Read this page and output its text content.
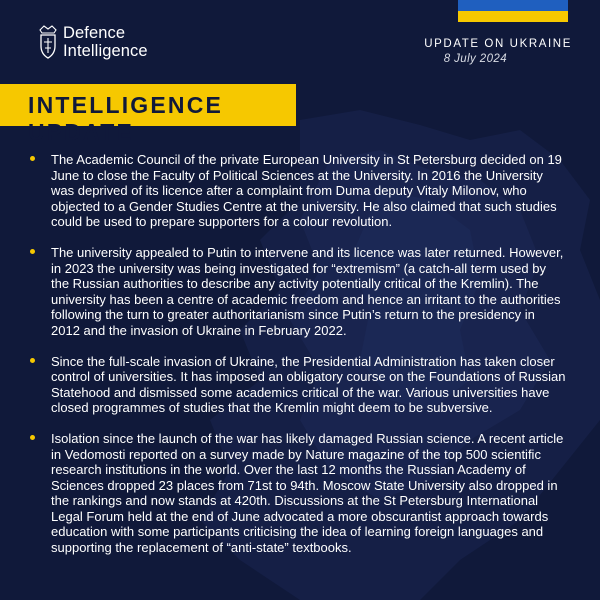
Defence
Intelligence	UPDATE ON UKRAINE
8 July 2024
INTELLIGENCE UPDATE
The Academic Council of the private European University in St Petersburg decided on 19 June to close the Faculty of Political Sciences at the University. In 2016 the University was deprived of its licence after a complaint from Duma deputy Vitaly Milonov, who objected to a Gender Studies Centre at the university. He also claimed that such studies could be used to prepare supporters for a colour revolution.
The university appealed to Putin to intervene and its licence was later returned. However, in 2023 the university was being investigated for “extremism” (a catch-all term used by the Russian authorities to describe any activity potentially critical of the Kremlin). The university has been a centre of academic freedom and hence an irritant to the authorities following the turn to greater authoritarianism since Putin’s return to the presidency in 2012 and the invasion of Ukraine in February 2022.
Since the full-scale invasion of Ukraine, the Presidential Administration has taken closer control of universities. It has imposed an obligatory course on the Foundations of Russian Statehood and dismissed some academics critical of the war. Various universities have closed programmes of studies that the Kremlin might deem to be subversive.
Isolation since the launch of the war has likely damaged Russian science. A recent article in Vedomosti reported on a survey made by Nature magazine of the top 500 scientific research institutions in the world. Over the last 12 months the Russian Academy of Sciences dropped 23 places from 71st to 94th. Moscow State University also dropped in the rankings and now stands at 420th. Discussions at the St Petersburg International Legal Forum held at the end of June advocated a more obscurantist approach towards education with some participants criticising the idea of learning foreign languages and supporting the replacement of “anti-state” textbooks.
